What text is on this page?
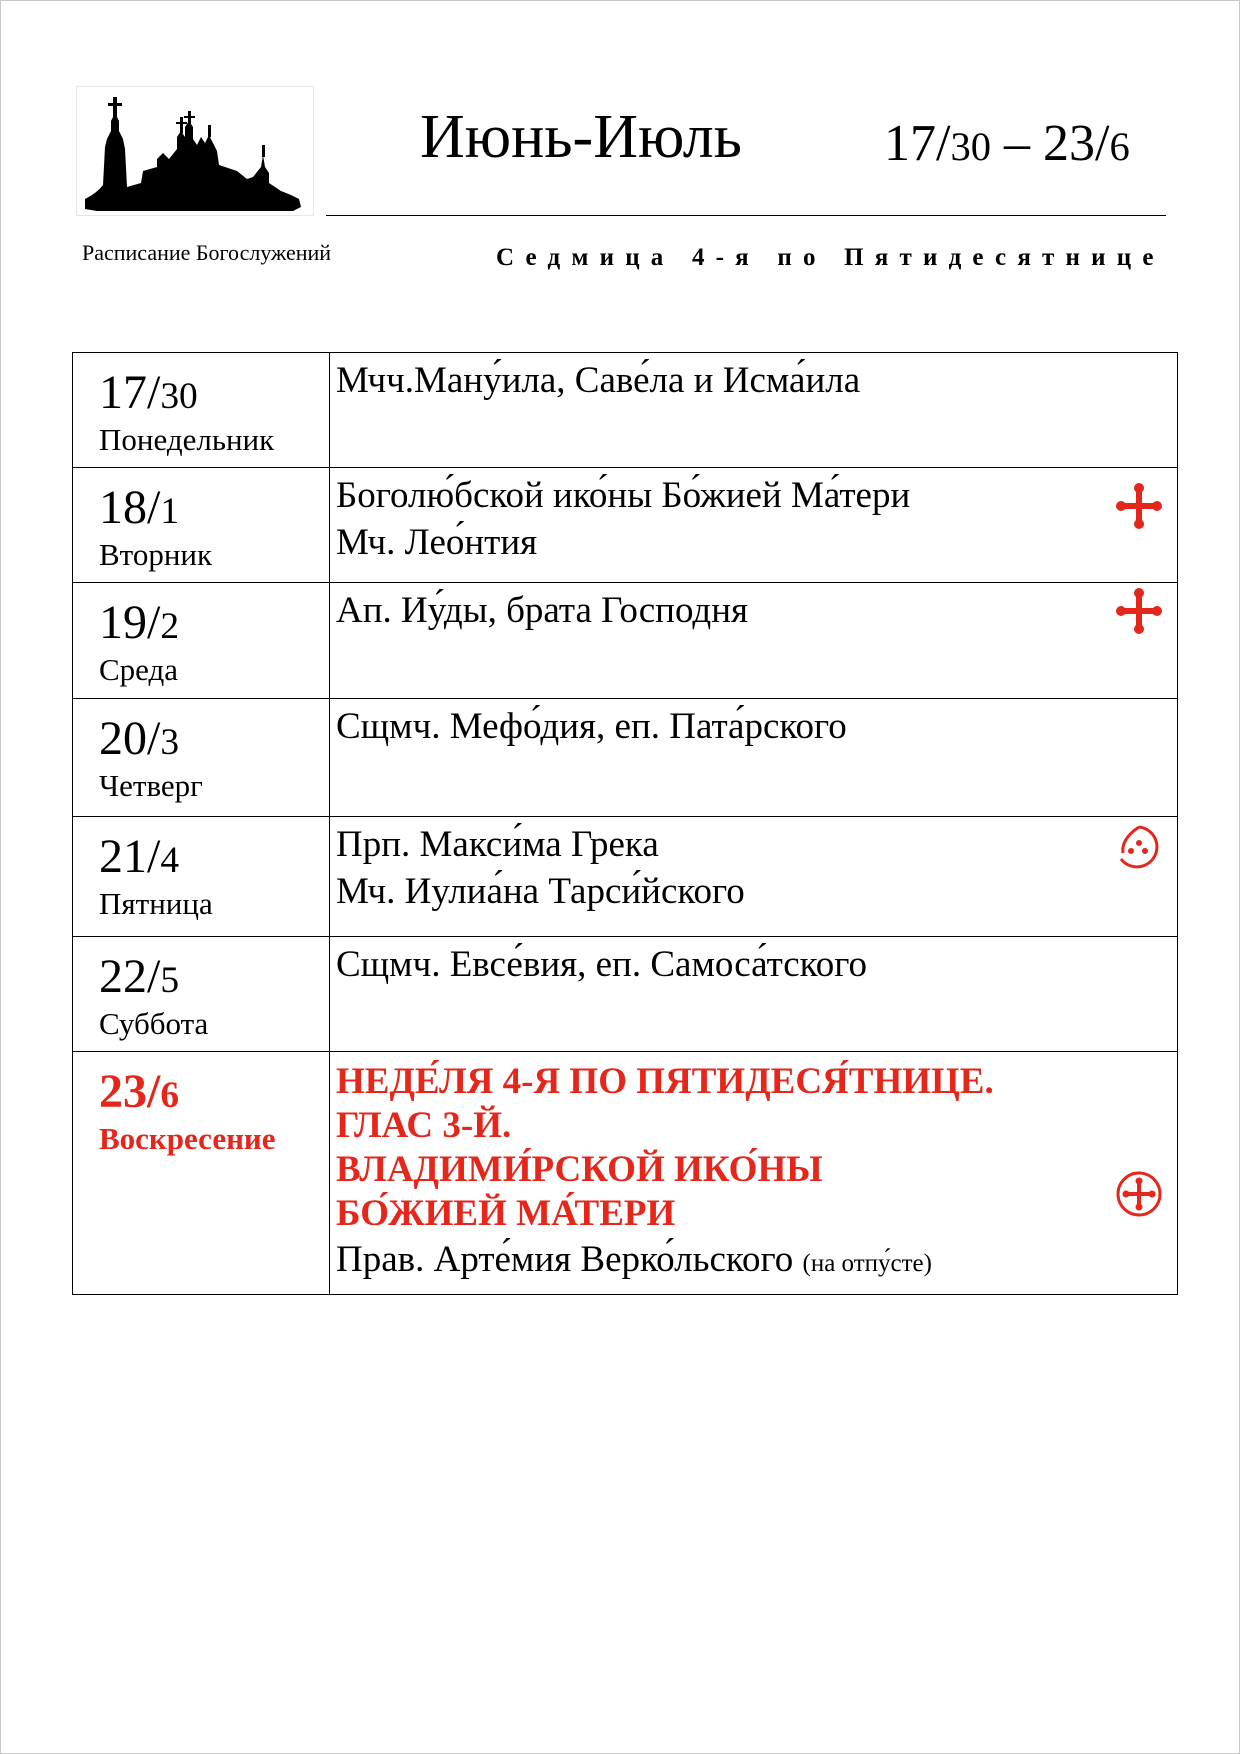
Расписание Богослужений
Июнь-Июль	17/30 – 23/6
Седмица 4-я по Пятидесятнице
17/30
Понедельник	Мчч.Ману́ила, Саве́ла и Исма́ила

18/1
Вторник	Боголю́бской ико́ны Бо́жией Ма́тери
Мч. Лео́нтия

19/2
Среда	Ап. Иу́ды, брата Господня

20/3
Четверг	Сщмч. Мефо́дия, еп. Пата́рского

21/4
Пятница	Прп. Макси́ма Грека
Мч. Иулиа́на Тарси́йского

22/5
Суббота	Сщмч. Евсе́вия, еп. Самоса́тского

23/6
Воскресение	НЕДЕ́ЛЯ 4-Я ПО ПЯТИДЕСЯ́ТНИЦЕ.
ГЛАС 3-Й.
ВЛАДИМИ́РСКОЙ ИКО́НЫ
БО́ЖИЕЙ МА́ТЕРИ
Прав. Арте́мия Верко́льского (на отпу́сте)
